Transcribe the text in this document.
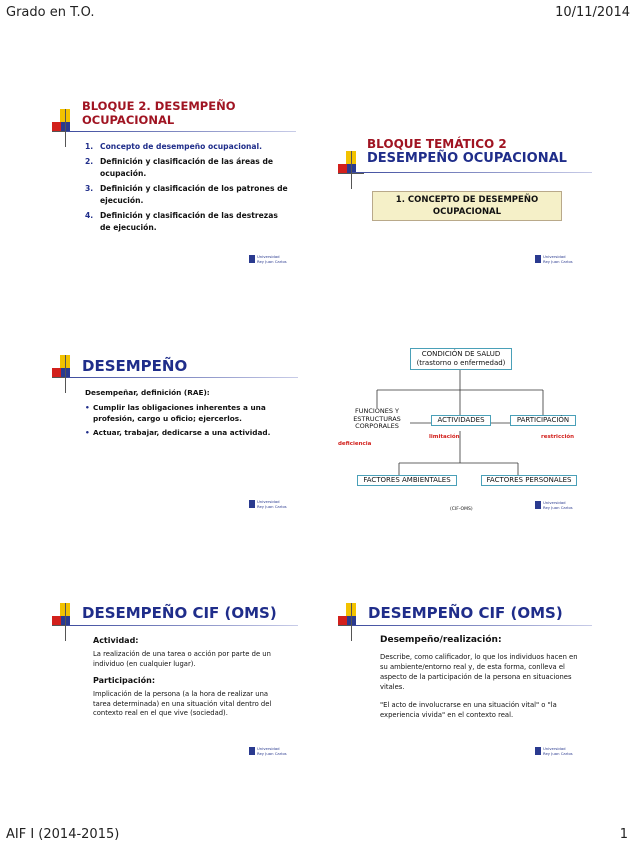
Grado en T.O.	10/11/2014
BLOQUE 2. DESEMPEÑO
OCUPACIONAL
1. Concepto de desempeño ocupacional.
2. Definición y clasificación de las áreas de ocupación.
3. Definición y clasificación de los patrones de ejecución.
4. Definición y clasificación de las destrezas de ejecución.
Universidad
Rey Juan Carlos
BLOQUE TEMÁTICO 2
DESEMPEÑO OCUPACIONAL
1. CONCEPTO DE DESEMPEÑO OCUPACIONAL
Universidad
Rey Juan Carlos
DESEMPEÑO
Desempeñar, definición (RAE):
• Cumplir las obligaciones inherentes a una profesión, cargo u oficio; ejercerlos.
• Actuar, trabajar, dedicarse a una actividad.
Universidad
Rey Juan Carlos
CONDICIÓN DE SALUD
(trastorno o enfermedad)
FUNCIONES Y ESTRUCTURAS CORPORALES
ACTIVIDADES	PARTICIPACIÓN
deficiencia
limitación	restricción
FACTORES AMBIENTALES	FACTORES PERSONALES
(CIF-OMS)
Universidad
Rey Juan Carlos
DESEMPEÑO CIF (OMS)
Actividad:
La realización de una tarea o acción por parte de un individuo (en cualquier lugar).
Participación:
Implicación de la persona (a la hora de realizar una tarea determinada) en una situación vital dentro del contexto real en el que vive (sociedad).
Universidad
Rey Juan Carlos
DESEMPEÑO CIF (OMS)
Desempeño/realización:
Describe, como calificador, lo que los individuos hacen en su ambiente/entorno real y, de esta forma, conlleva el aspecto de la participación de la persona en situaciones vitales.
"El acto de involucrarse en una situación vital" o "la experiencia vivida" en el contexto real.
Universidad
Rey Juan Carlos
AIF I (2014-2015)	1
